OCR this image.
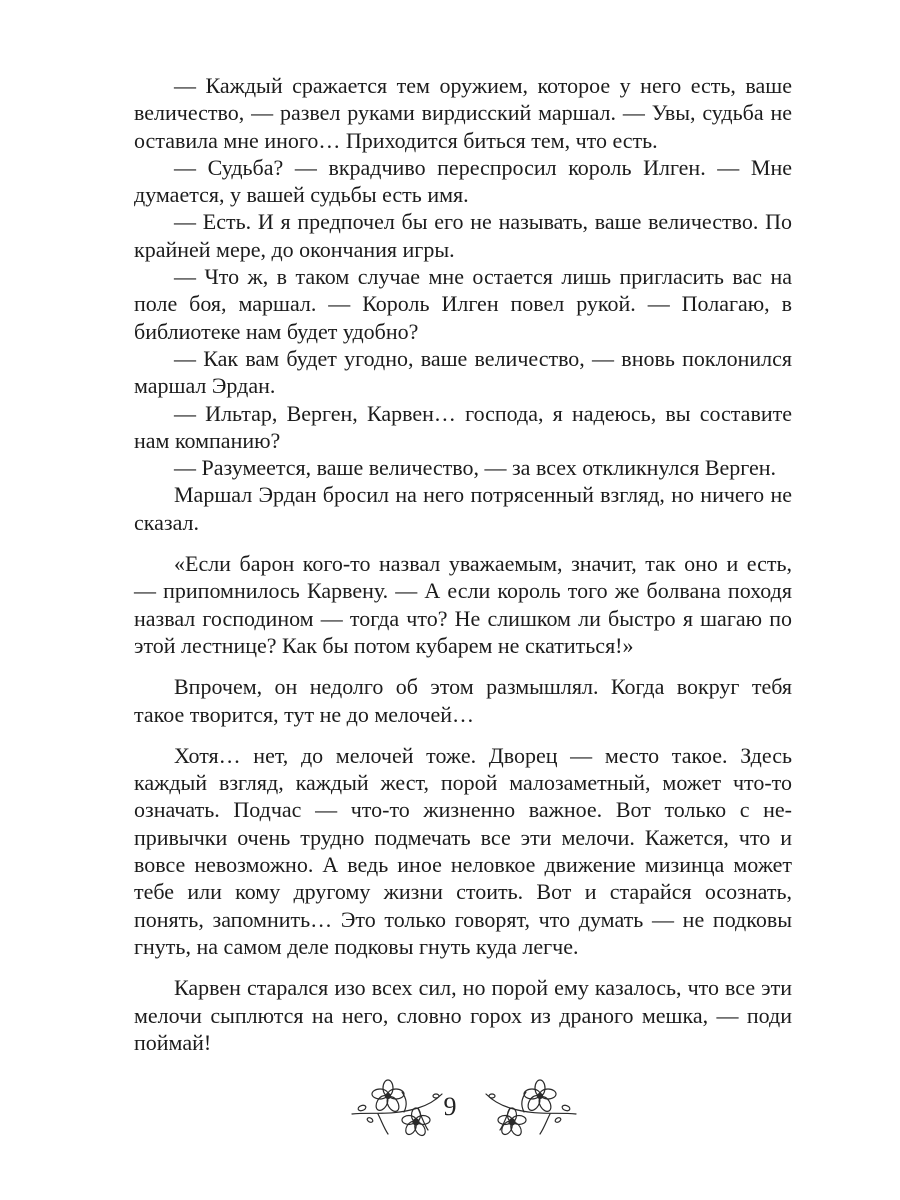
— Каждый сражается тем оружием, которое у него есть, ваше величество, — развел руками вирдисский маршал. — Увы, судьба не оставила мне иного… Приходится биться тем, что есть.

— Судьба? — вкрадчиво переспросил король Илген. — Мне думается, у вашей судьбы есть имя.

— Есть. И я предпочел бы его не называть, ваше величество. По крайней мере, до окончания игры.

— Что ж, в таком случае мне остается лишь пригласить вас на поле боя, маршал. — Король Илген повел рукой. — Полагаю, в библиотеке нам будет удобно?

— Как вам будет угодно, ваше величество, — вновь поклонился маршал Эрдан.

— Ильтар, Верген, Карвен… господа, я надеюсь, вы составите нам компанию?

— Разумеется, ваше величество, — за всех откликнулся Верген.

Маршал Эрдан бросил на него потрясенный взгляд, но ничего не сказал.

«Если барон кого-то назвал уважаемым, значит, так оно и есть, — припомнилось Карвену. — А если король того же болвана походя назвал господином — тогда что? Не слишком ли быстро я шагаю по этой лестнице? Как бы потом кубарем не скатиться!»

Впрочем, он недолго об этом размышлял. Когда вокруг тебя такое творится, тут не до мелочей…

Хотя… нет, до мелочей тоже. Дворец — место такое. Здесь каждый взгляд, каждый жест, порой малозаметный, может что-то означать. Подчас — что-то жизненно важное. Вот только с непривычки очень трудно подмечать все эти мелочи. Кажется, что и вовсе невозможно. А ведь иное неловкое движение мизинца может тебе или кому другому жизни стоить. Вот и старайся осознать, понять, запомнить… Это только говорят, что думать — не подковы гнуть, на самом деле подковы гнуть куда легче.

Карвен старался изо всех сил, но порой ему казалось, что все эти мелочи сыплются на него, словно горох из драного мешка, — поди поймай!

9
